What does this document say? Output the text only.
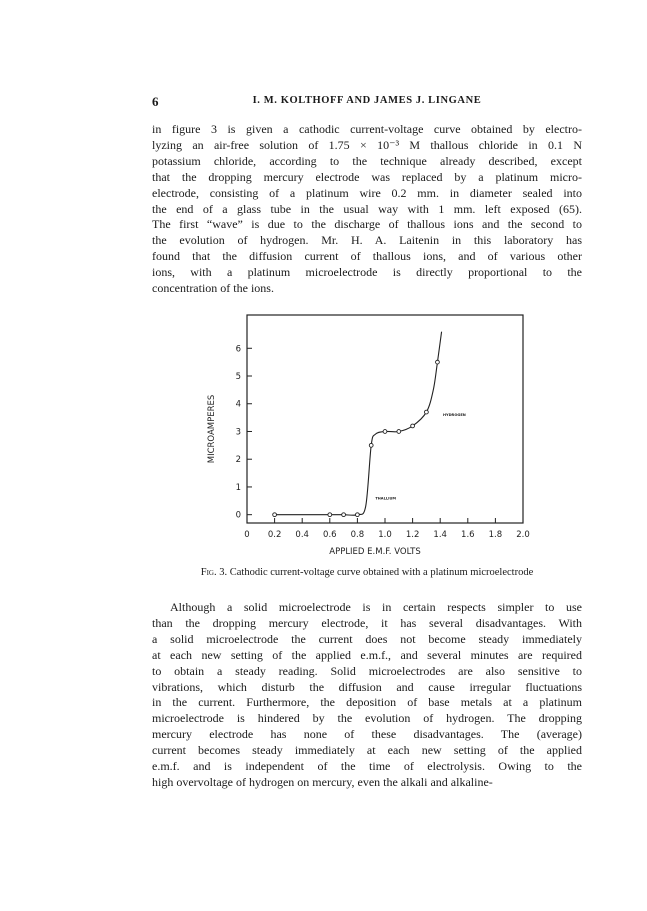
6	I. M. KOLTHOFF AND JAMES J. LINGANE

in figure 3 is given a cathodic current-voltage curve obtained by electro-
lyzing an air-free solution of 1.75 × 10⁻³ M thallous chloride in 0.1 N
potassium chloride, according to the technique already described, except
that the dropping mercury electrode was replaced by a platinum micro-
electrode, consisting of a platinum wire 0.2 mm. in diameter sealed into
the end of a glass tube in the usual way with 1 mm. left exposed (65).
The first “wave” is due to the discharge of thallous ions and the second to
the evolution of hydrogen. Mr. H. A. Laitenin in this laboratory has
found that the diffusion current of thallous ions, and of various other
ions, with a platinum microelectrode is directly proportional to the
concentration of the ions.

0 0.2 0.4 0.6 0.8 1.0 1.2 1.4 1.6 1.8 2.0
0
1
2
3
4
5
6
APPLIED E.M.F. VOLTS
MICROAMPERES
THALLIUM
HYDROGEN
Fig. 3. Cathodic current-voltage curve obtained with a platinum microelectrode

Although a solid microelectrode is in certain respects simpler to use
than the dropping mercury electrode, it has several disadvantages. With
a solid microelectrode the current does not become steady immediately
at each new setting of the applied e.m.f., and several minutes are required
to obtain a steady reading. Solid microelectrodes are also sensitive to
vibrations, which disturb the diffusion and cause irregular fluctuations
in the current. Furthermore, the deposition of base metals at a platinum
microelectrode is hindered by the evolution of hydrogen. The dropping
mercury electrode has none of these disadvantages. The (average)
current becomes steady immediately at each new setting of the applied
e.m.f. and is independent of the time of electrolysis. Owing to the
high overvoltage of hydrogen on mercury, even the alkali and alkaline-
